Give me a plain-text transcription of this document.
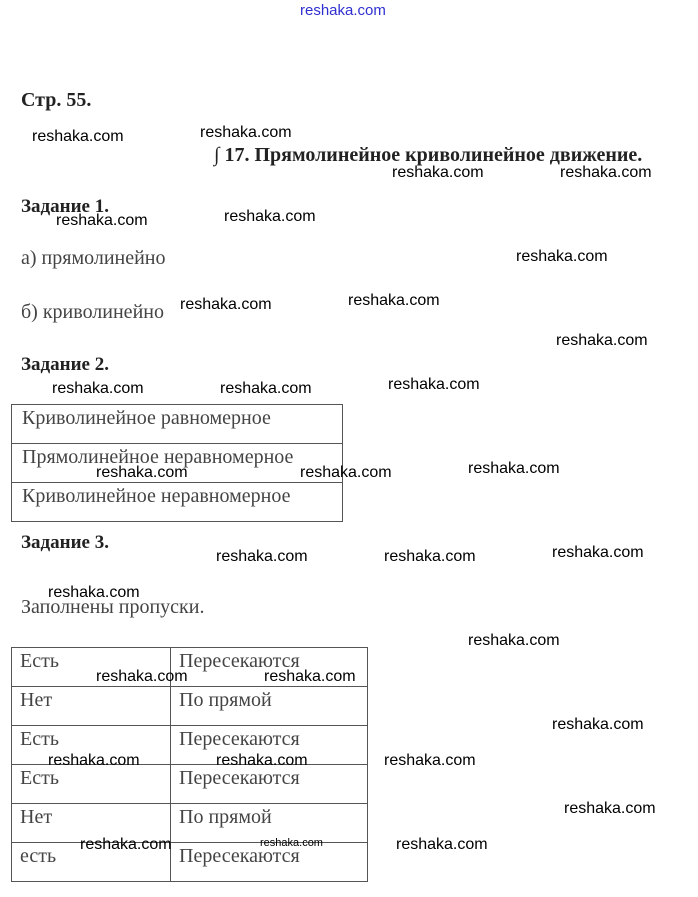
reshaka.com
Стр. 55.
∫ 17. Прямолинейное криволинейное движение.
Задание 1.
а) прямолинейно
б) криволинейно
Задание 2.
Криволинейное равномерное
Прямолинейное неравномерное
Криволинейное неравномерное
Задание 3.
Заполнены пропуски.
Есть	Пересекаются
Нет	По прямой
Есть	Пересекаются
Есть	Пересекаются
Нет	По прямой
есть	Пересекаются
reshaka.com	reshaka.com
reshaka.com	reshaka.com
reshaka.com	reshaka.com
reshaka.com
reshaka.com	reshaka.com
reshaka.com
reshaka.com	reshaka.com	reshaka.com
reshaka.com	reshaka.com	reshaka.com
reshaka.com	reshaka.com	reshaka.com
reshaka.com
reshaka.com
reshaka.com	reshaka.com
reshaka.com
reshaka.com	reshaka.com	reshaka.com
reshaka.com
reshaka.com	reshaka.com	reshaka.com
